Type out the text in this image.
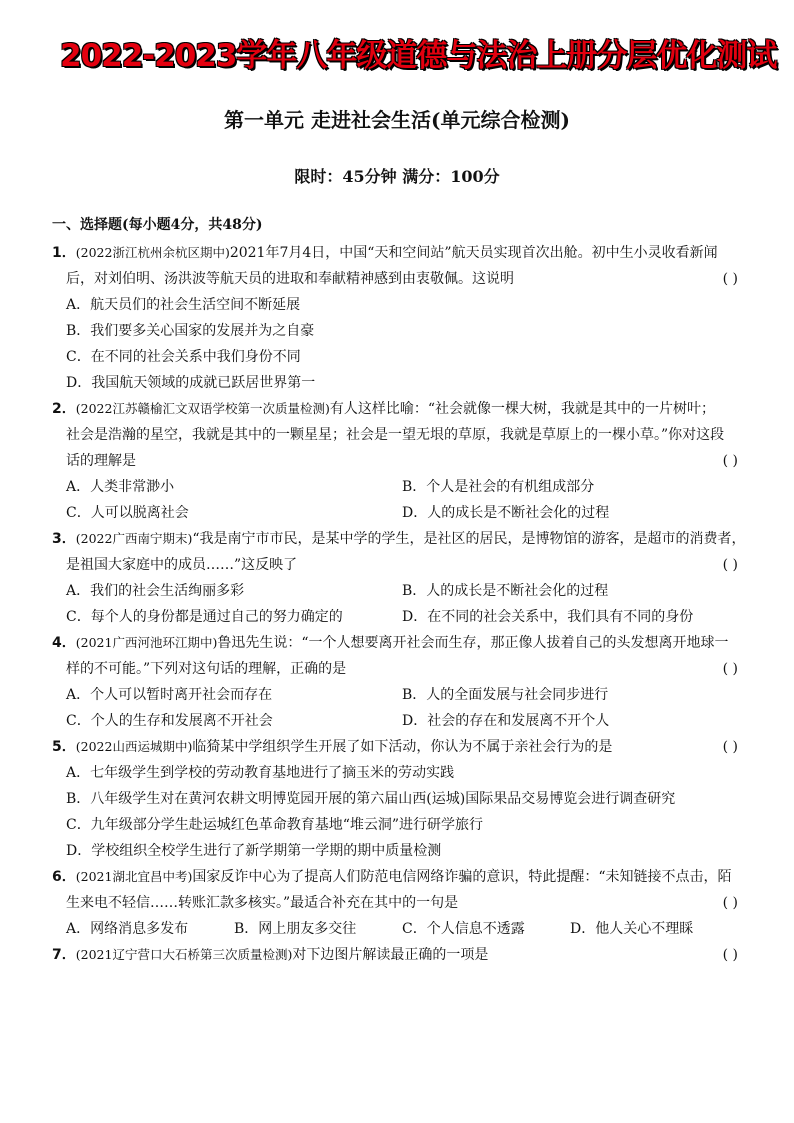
2022-2023学年八年级道德与法治上册分层优化测试
第一单元 走进社会生活(单元综合检测)
限时：45分钟 满分：100分
一、选择题(每小题4分，共48分)
1．(2022浙江杭州余杭区期中)2021年7月4日，中国“天和空间站”航天员实现首次出舱。初中生小灵收看新闻
后，对刘伯明、汤洪波等航天员的进取和奉献精神感到由衷敬佩。这说明	( )
A．航天员们的社会生活空间不断延展
B．我们要多关心国家的发展并为之自豪
C．在不同的社会关系中我们身份不同
D．我国航天领域的成就已跃居世界第一
2．(2022江苏赣榆汇文双语学校第一次质量检测)有人这样比喻：“社会就像一棵大树，我就是其中的一片树叶；
社会是浩瀚的星空，我就是其中的一颗星星；社会是一望无垠的草原，我就是草原上的一棵小草。”你对这段
话的理解是	( )
A．人类非常渺小	B．个人是社会的有机组成部分
C．人可以脱离社会	D．人的成长是不断社会化的过程
3．(2022广西南宁期末)“我是南宁市市民，是某中学的学生，是社区的居民，是博物馆的游客，是超市的消费者，
是祖国大家庭中的成员……”这反映了	( )
A．我们的社会生活绚丽多彩	B．人的成长是不断社会化的过程
C．每个人的身份都是通过自己的努力确定的	D．在不同的社会关系中，我们具有不同的身份
4．(2021广西河池环江期中)鲁迅先生说：“一个人想要离开社会而生存，那正像人拔着自己的头发想离开地球一
样的不可能。”下列对这句话的理解，正确的是	( )
A．个人可以暂时离开社会而存在	B．人的全面发展与社会同步进行
C．个人的生存和发展离不开社会	D．社会的存在和发展离不开个人
5．(2022山西运城期中)临猗某中学组织学生开展了如下活动，你认为不属于亲社会行为的是	( )
A．七年级学生到学校的劳动教育基地进行了摘玉米的劳动实践
B．八年级学生对在黄河农耕文明博览园开展的第六届山西(运城)国际果品交易博览会进行调查研究
C．九年级部分学生赴运城红色革命教育基地“堆云洞”进行研学旅行
D．学校组织全校学生进行了新学期第一学期的期中质量检测
6．(2021湖北宜昌中考)国家反诈中心为了提高人们防范电信网络诈骗的意识，特此提醒：“未知链接不点击，陌
生来电不轻信……转账汇款多核实。”最适合补充在其中的一句是	( )
A．网络消息多发布	B．网上朋友多交往	C．个人信息不透露	D．他人关心不理睬
7．(2021辽宁营口大石桥第三次质量检测)对下边图片解读最正确的一项是	( )
